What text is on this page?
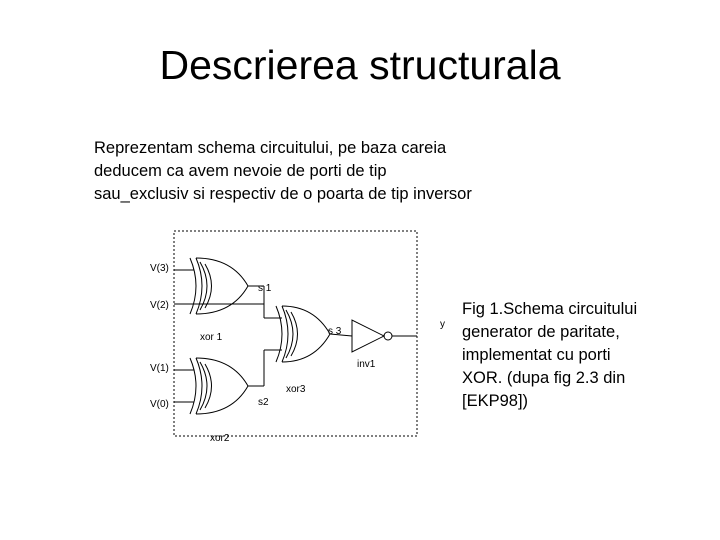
Descrierea structurala
Reprezentam schema circuitului, pe baza careia
deducem ca avem nevoie de porti de tip
sau_exclusiv si respectiv de o poarta de tip inversor
V(3)
V(2)
V(1)
V(0)
s 1
s2
s 3
xor 1
xor2
xor3
inv1
y
Fig 1.Schema circuitului
generator de paritate,
implementat cu porti
XOR. (dupa fig 2.3 din
[EKP98])
